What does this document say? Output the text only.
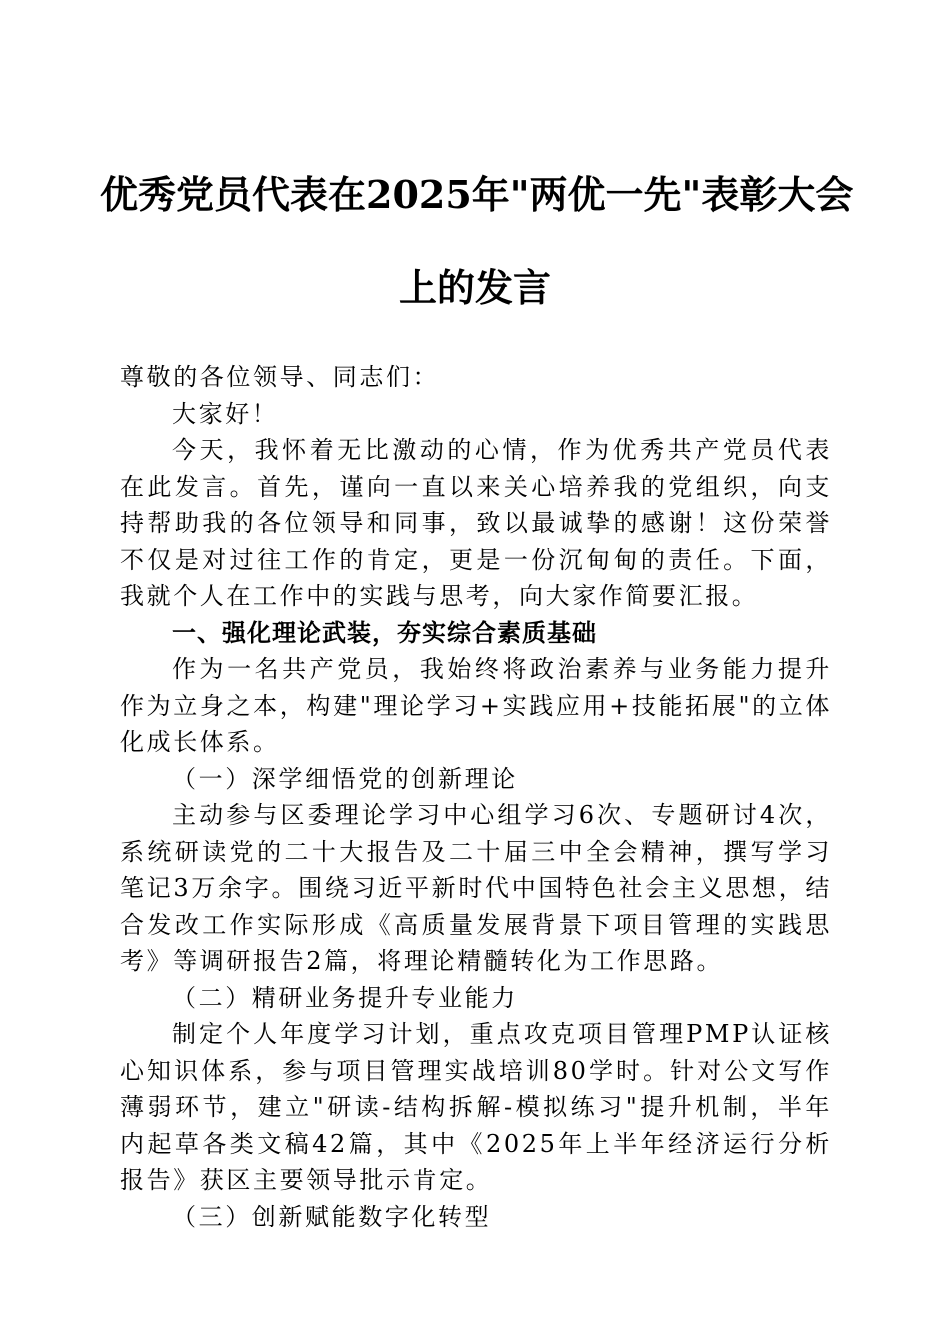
优秀党员代表在2025年"两优一先"表彰大会
上的发言

尊敬的各位领导、同志们：

大家好！

今天，我怀着无比激动的心情，作为优秀共产党员代表在此发言。首先，谨向一直以来关心培养我的党组织，向支持帮助我的各位领导和同事，致以最诚挚的感谢！这份荣誉不仅是对过往工作的肯定，更是一份沉甸甸的责任。下面，我就个人在工作中的实践与思考，向大家作简要汇报。

一、强化理论武装，夯实综合素质基础

作为一名共产党员，我始终将政治素养与业务能力提升作为立身之本，构建"理论学习+实践应用+技能拓展"的立体化成长体系。

（一）深学细悟党的创新理论

主动参与区委理论学习中心组学习6次、专题研讨4次，系统研读党的二十大报告及二十届三中全会精神，撰写学习笔记3万余字。围绕习近平新时代中国特色社会主义思想，结合发改工作实际形成《高质量发展背景下项目管理的实践思考》等调研报告2篇，将理论精髓转化为工作思路。

（二）精研业务提升专业能力

制定个人年度学习计划，重点攻克项目管理PMP认证核心知识体系，参与项目管理实战培训80学时。针对公文写作薄弱环节，建立"研读-结构拆解-模拟练习"提升机制，半年内起草各类文稿42篇，其中《2025年上半年经济运行分析报告》获区主要领导批示肯定。

（三）创新赋能数字化转型
